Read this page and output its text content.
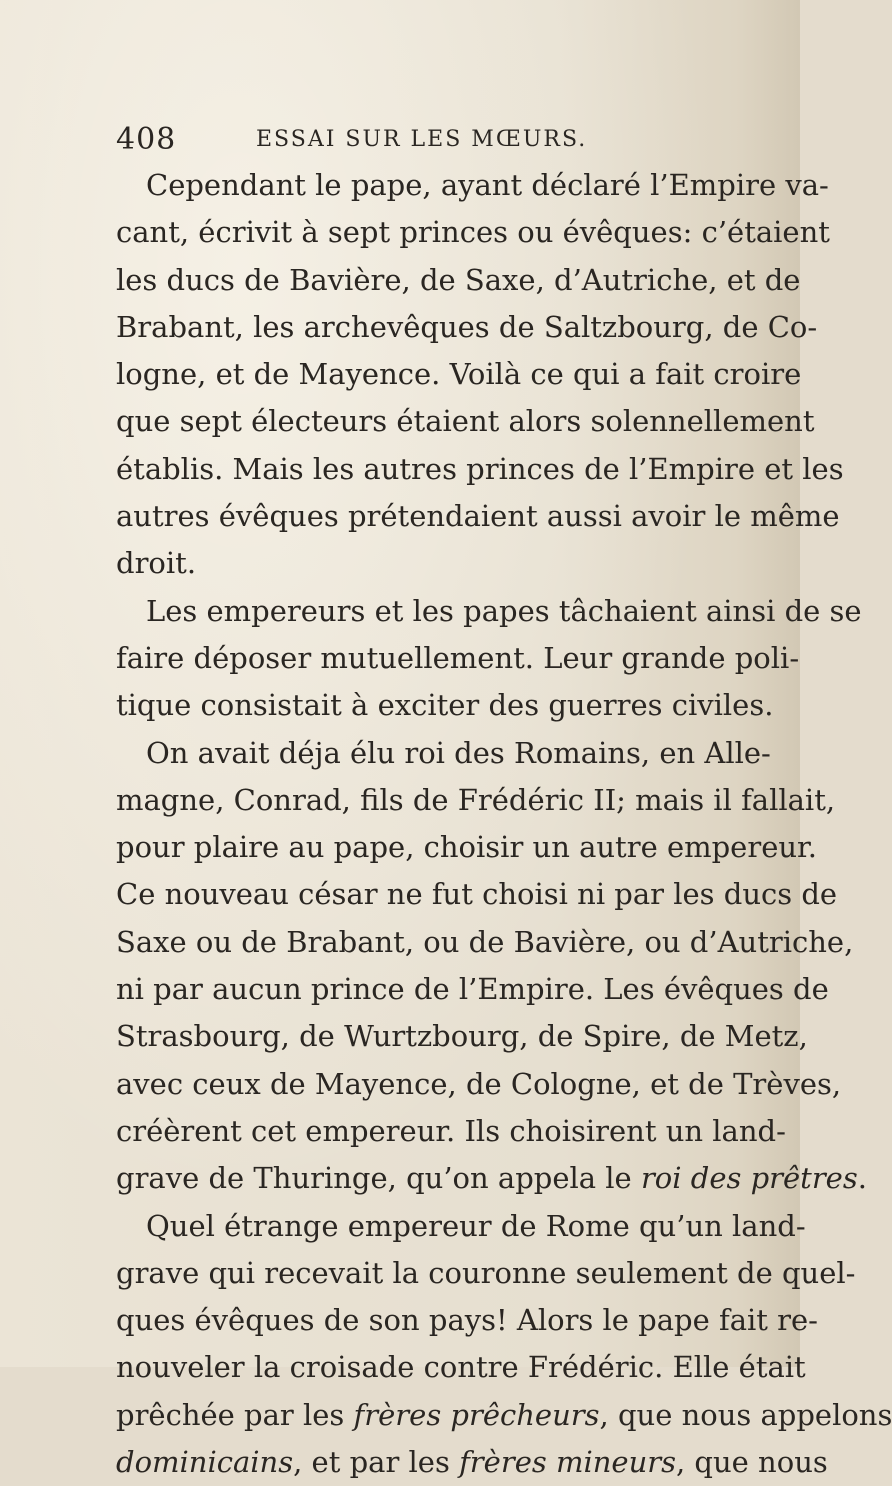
408	ESSAI SUR LES MŒURS.
Cependant le pape, ayant déclaré l’Empire va-
cant, écrivit à sept princes ou évêques: c’étaient
les ducs de Bavière, de Saxe, d’Autriche, et de
Brabant, les archevêques de Saltzbourg, de Co-
logne, et de Mayence. Voilà ce qui a fait croire
que sept électeurs étaient alors solennellement
établis. Mais les autres princes de l’Empire et les
autres évêques prétendaient aussi avoir le même
droit.
Les empereurs et les papes tâchaient ainsi de se
faire déposer mutuellement. Leur grande poli-
tique consistait à exciter des guerres civiles.
On avait déja élu roi des Romains, en Alle-
magne, Conrad, fils de Frédéric II; mais il fallait,
pour plaire au pape, choisir un autre empereur.
Ce nouveau césar ne fut choisi ni par les ducs de
Saxe ou de Brabant, ou de Bavière, ou d’Autriche,
ni par aucun prince de l’Empire. Les évêques de
Strasbourg, de Wurtzbourg, de Spire, de Metz,
avec ceux de Mayence, de Cologne, et de Trèves,
créèrent cet empereur. Ils choisirent un land-
grave de Thuringe, qu’on appela le roi des prêtres.
Quel étrange empereur de Rome qu’un land-
grave qui recevait la couronne seulement de quel-
ques évêques de son pays! Alors le pape fait re-
nouveler la croisade contre Frédéric. Elle était
prêchée par les frères prêcheurs, que nous appelons
dominicains, et par les frères mineurs, que nous
